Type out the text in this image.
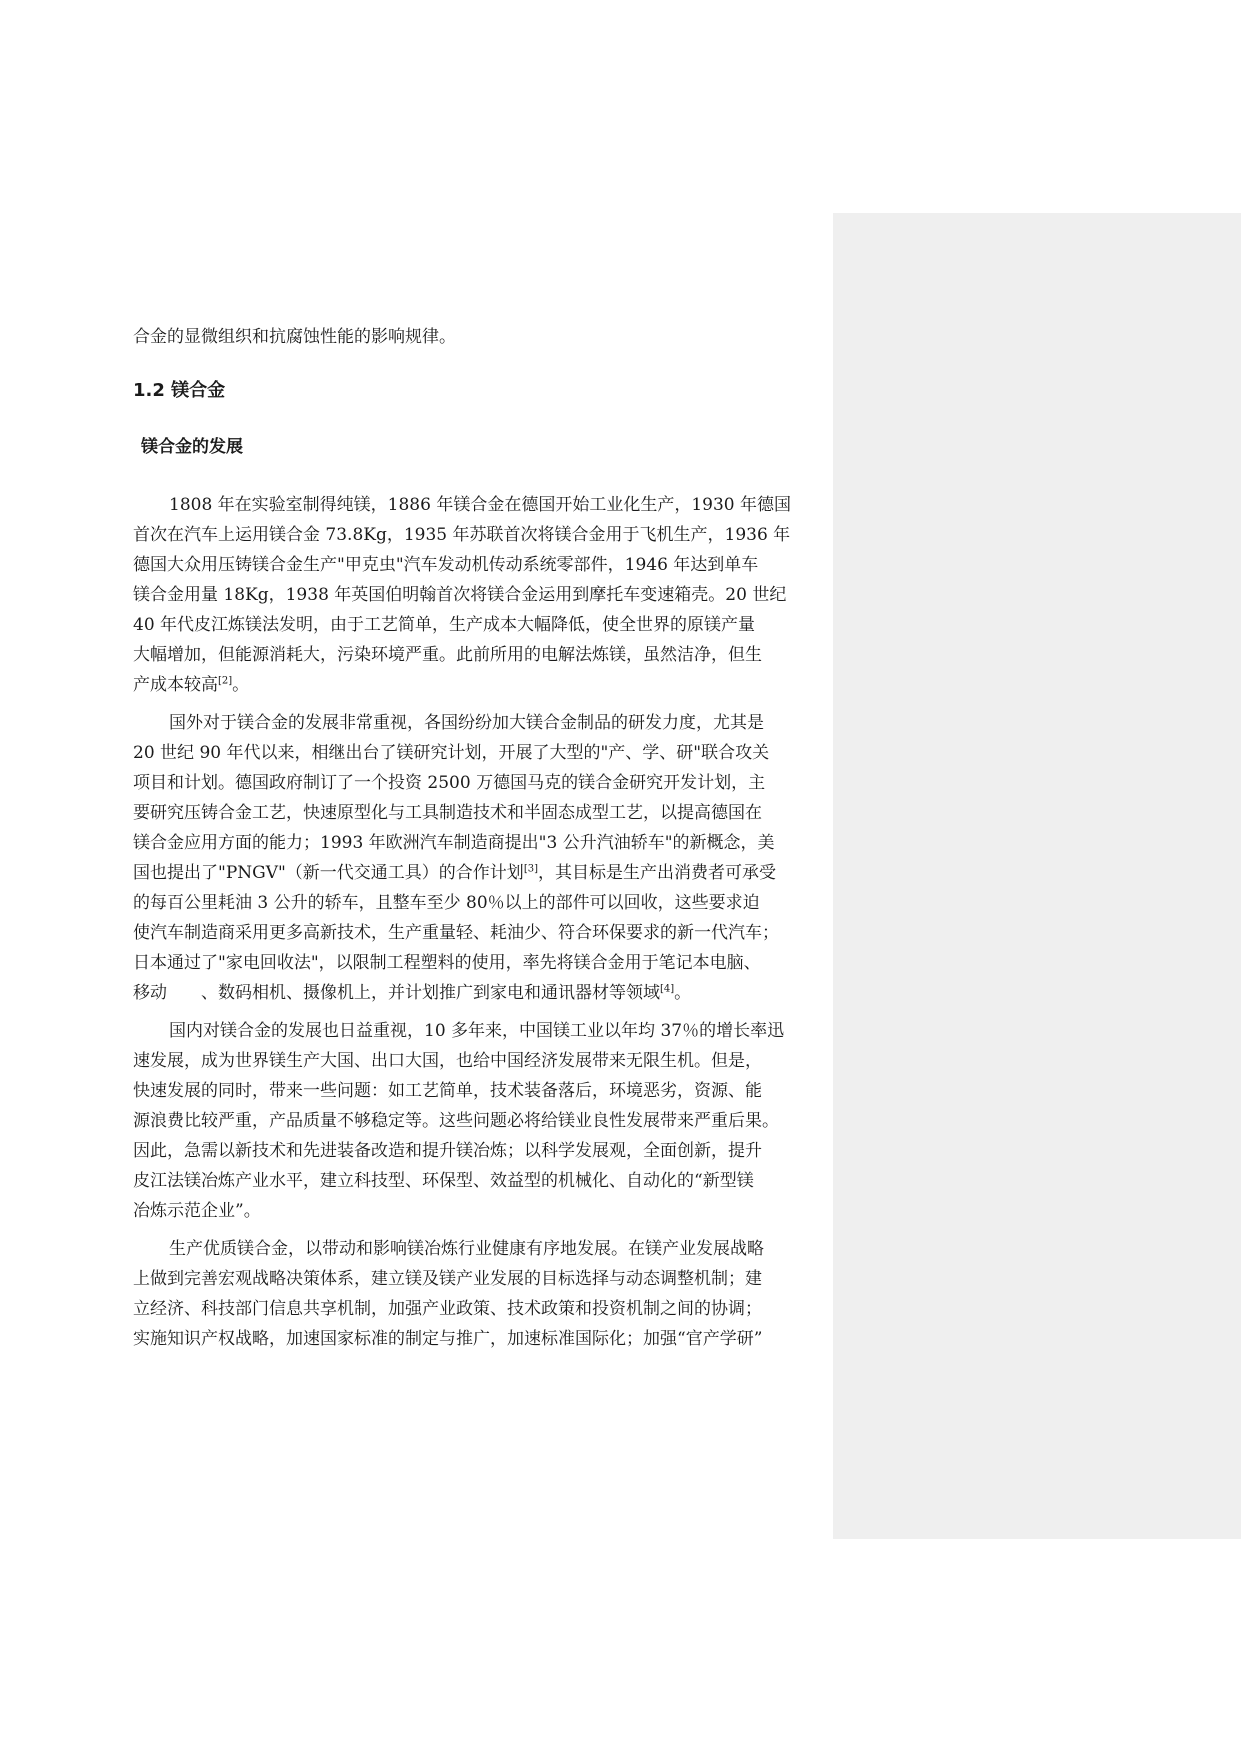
合金的显微组织和抗腐蚀性能的影响规律。

1.2 镁合金
镁合金的发展

1808 年在实验室制得纯镁，1886 年镁合金在德国开始工业化生产，1930 年德国

首次在汽车上运用镁合金 73.8Kg，1935 年苏联首次将镁合金用于飞机生产，1936 年

德国大众用压铸镁合金生产"甲克虫"汽车发动机传动系统零部件，1946 年达到单车

镁合金用量 18Kg，1938 年英国伯明翰首次将镁合金运用到摩托车变速箱壳。20 世纪

40 年代皮江炼镁法发明，由于工艺简单，生产成本大幅降低，使全世界的原镁产量

大幅增加，但能源消耗大，污染环境严重。此前所用的电解法炼镁，虽然洁净，但生

产成本较高[2]。

国外对于镁合金的发展非常重视，各国纷纷加大镁合金制品的研发力度，尤其是

20 世纪 90 年代以来，相继出台了镁研究计划，开展了大型的"产、学、研"联合攻关

项目和计划。德国政府制订了一个投资 2500 万德国马克的镁合金研究开发计划，主

要研究压铸合金工艺，快速原型化与工具制造技术和半固态成型工艺，以提高德国在

镁合金应用方面的能力；1993 年欧洲汽车制造商提出"3 公升汽油轿车"的新概念，美

国也提出了"PNGV"（新一代交通工具）的合作计划[3]，其目标是生产出消费者可承受

的每百公里耗油 3 公升的轿车，且整车至少 80％以上的部件可以回收，这些要求迫

使汽车制造商采用更多高新技术，生产重量轻、耗油少、符合环保要求的新一代汽车；

日本通过了"家电回收法"，以限制工程塑料的使用，率先将镁合金用于笔记本电脑、

移动　　、数码相机、摄像机上，并计划推广到家电和通讯器材等领域[4]。

国内对镁合金的发展也日益重视，10 多年来，中国镁工业以年均 37％的增长率迅

速发展，成为世界镁生产大国、出口大国，也给中国经济发展带来无限生机。但是，

快速发展的同时，带来一些问题：如工艺简单，技术装备落后，环境恶劣，资源、能

源浪费比较严重，产品质量不够稳定等。这些问题必将给镁业良性发展带来严重后果。

因此，急需以新技术和先进装备改造和提升镁冶炼；以科学发展观，全面创新，提升

皮江法镁冶炼产业水平，建立科技型、环保型、效益型的机械化、自动化的“新型镁

冶炼示范企业”。

生产优质镁合金，以带动和影响镁冶炼行业健康有序地发展。在镁产业发展战略

上做到完善宏观战略决策体系，建立镁及镁产业发展的目标选择与动态调整机制；建

立经济、科技部门信息共享机制，加强产业政策、技术政策和投资机制之间的协调；

实施知识产权战略，加速国家标准的制定与推广，加速标准国际化；加强“官产学研”
